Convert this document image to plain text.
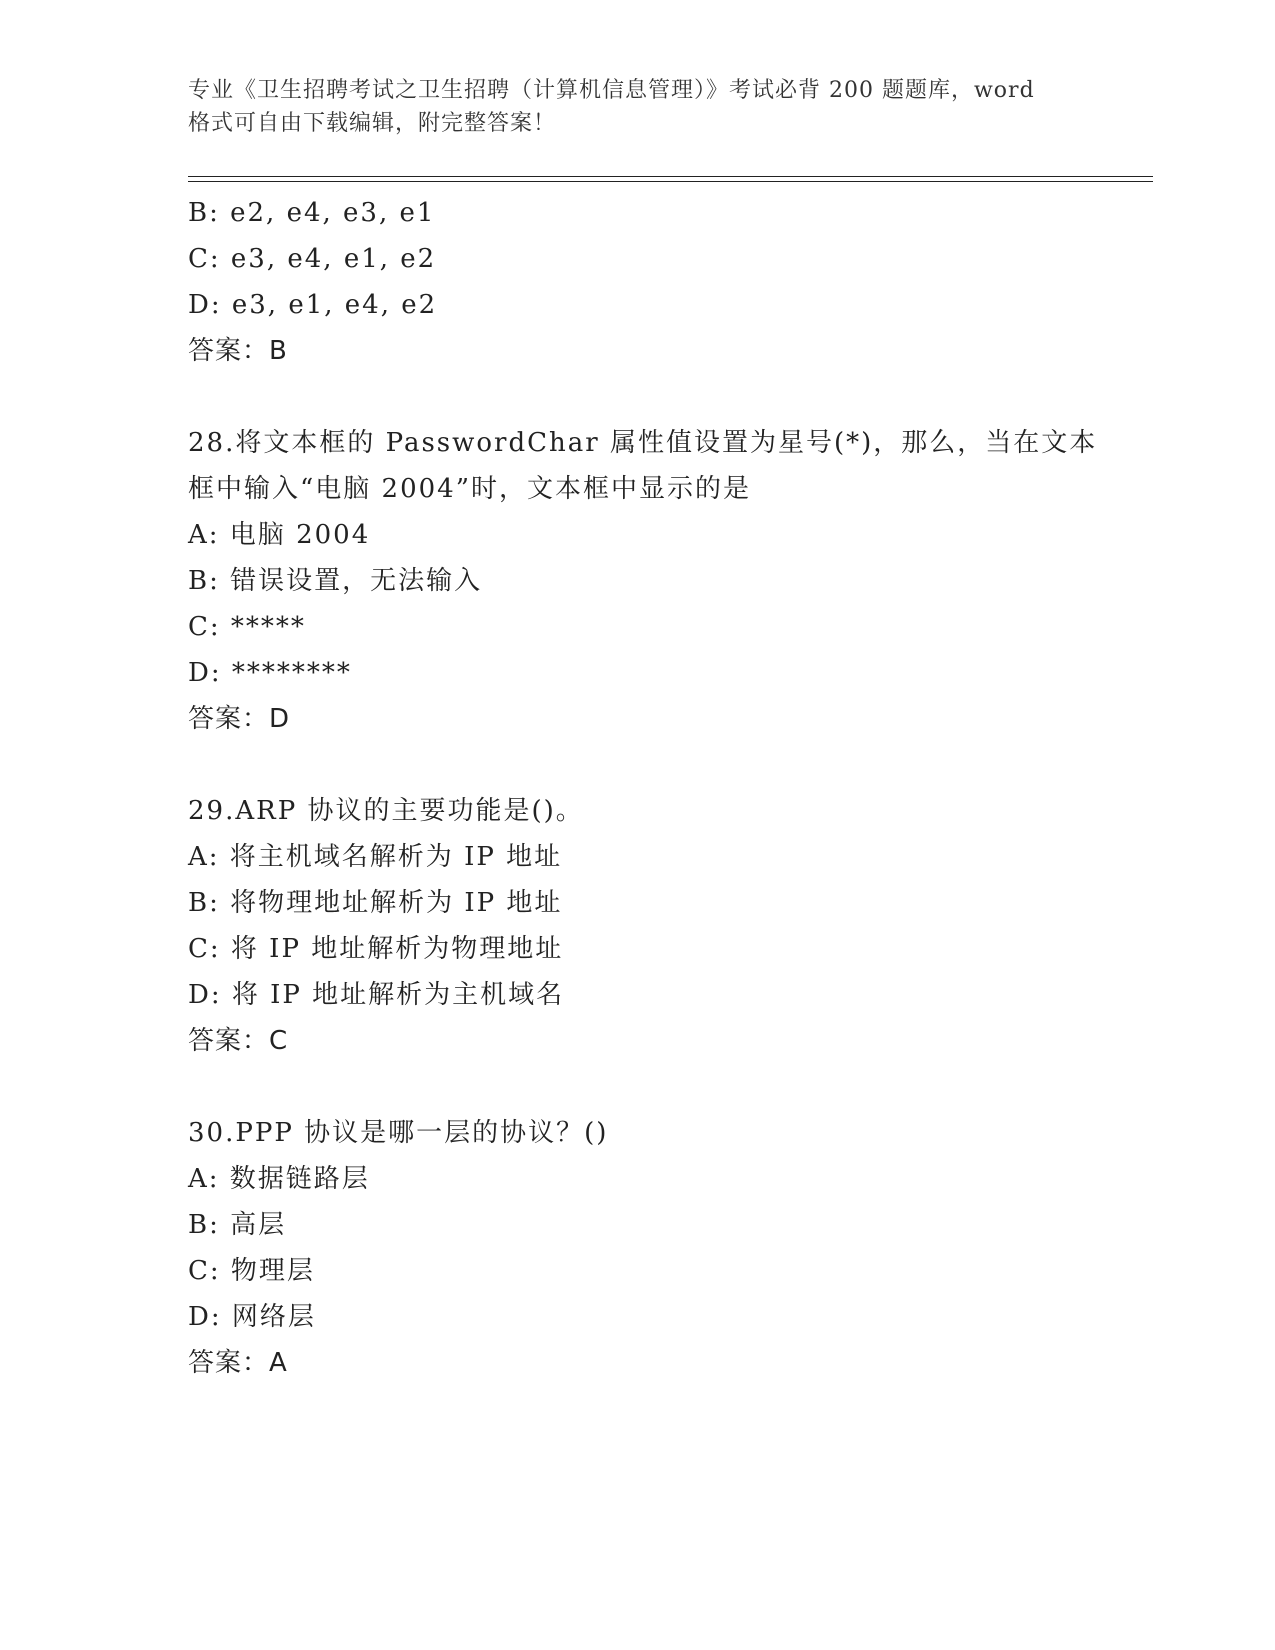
专业《卫生招聘考试之卫生招聘（计算机信息管理）》考试必背 200 题题库，word
格式可自由下载编辑，附完整答案！
B: e2, e4, e3, e1
C: e3, e4, e1, e2
D: e3, e1, e4, e2
答案：B
28.将文本框的 PasswordChar 属性值设置为星号(*)，那么，当在文本
框中输入“电脑 2004”时，文本框中显示的是
A: 电脑 2004
B: 错误设置，无法输入
C: *****
D: ********
答案：D
29.ARP 协议的主要功能是()。
A: 将主机域名解析为 IP 地址
B: 将物理地址解析为 IP 地址
C: 将 IP 地址解析为物理地址
D: 将 IP 地址解析为主机域名
答案：C
30.PPP 协议是哪一层的协议？()
A: 数据链路层
B: 高层
C: 物理层
D: 网络层
答案：A
